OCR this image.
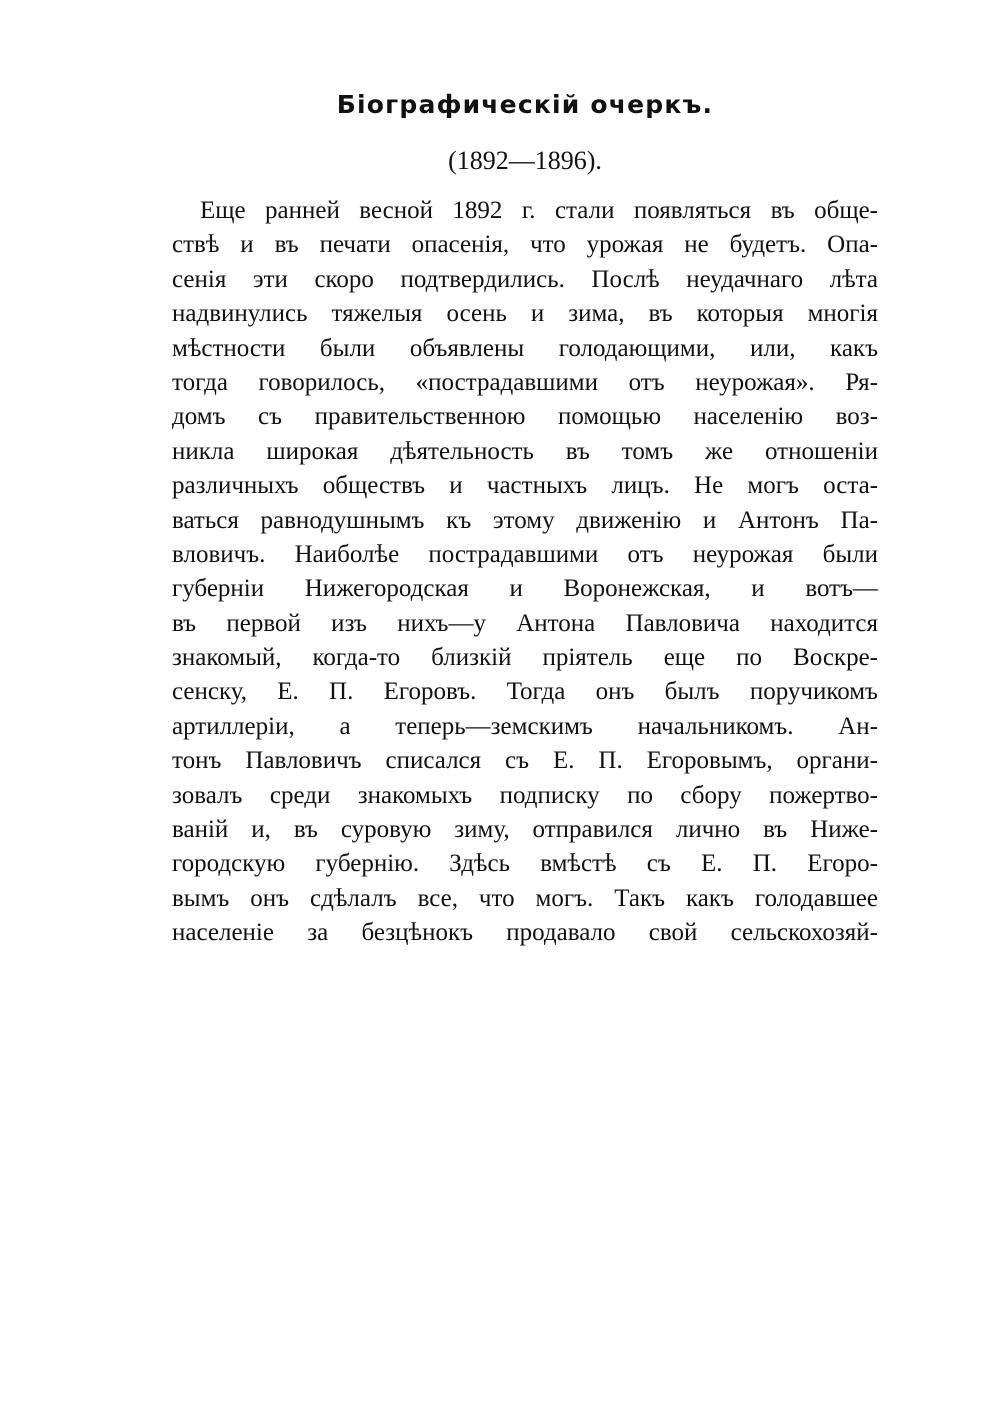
Біографическій очеркъ.
(1892—1896).
Еще ранней весной 1892 г. стали появляться въ обще-
ствѣ и въ печати опасенія, что урожая не будетъ. Опа-
сенія эти скоро подтвердились. Послѣ неудачнаго лѣта
надвинулись тяжелыя осень и зима, въ которыя многія
мѣстности были объявлены голодающими, или, какъ
тогда говорилось, «пострадавшими отъ неурожая». Ря-
домъ съ правительственною помощью населенію воз-
никла широкая дѣятельность въ томъ же отношеніи
различныхъ обществъ и частныхъ лицъ. Не могъ оста-
ваться равнодушнымъ къ этому движенію и Антонъ Па-
вловичъ. Наиболѣе пострадавшими отъ неурожая были
губерніи Нижегородская и Воронежская, и вотъ—
въ первой изъ нихъ—у Антона Павловича находится
знакомый, когда-то близкій пріятель еще по Воскре-
сенску, Е. П. Егоровъ. Тогда онъ былъ поручикомъ
артиллеріи, а теперь—земскимъ начальникомъ. Ан-
тонъ Павловичъ списался съ Е. П. Егоровымъ, органи-
зовалъ среди знакомыхъ подписку по сбору пожертво-
ваній и, въ суровую зиму, отправился лично въ Ниже-
городскую губернію. Здѣсь вмѣстѣ съ Е. П. Егоро-
вымъ онъ сдѣлалъ все, что могъ. Такъ какъ голодавшее
населеніе за безцѣнокъ продавало свой сельскохозяй-
